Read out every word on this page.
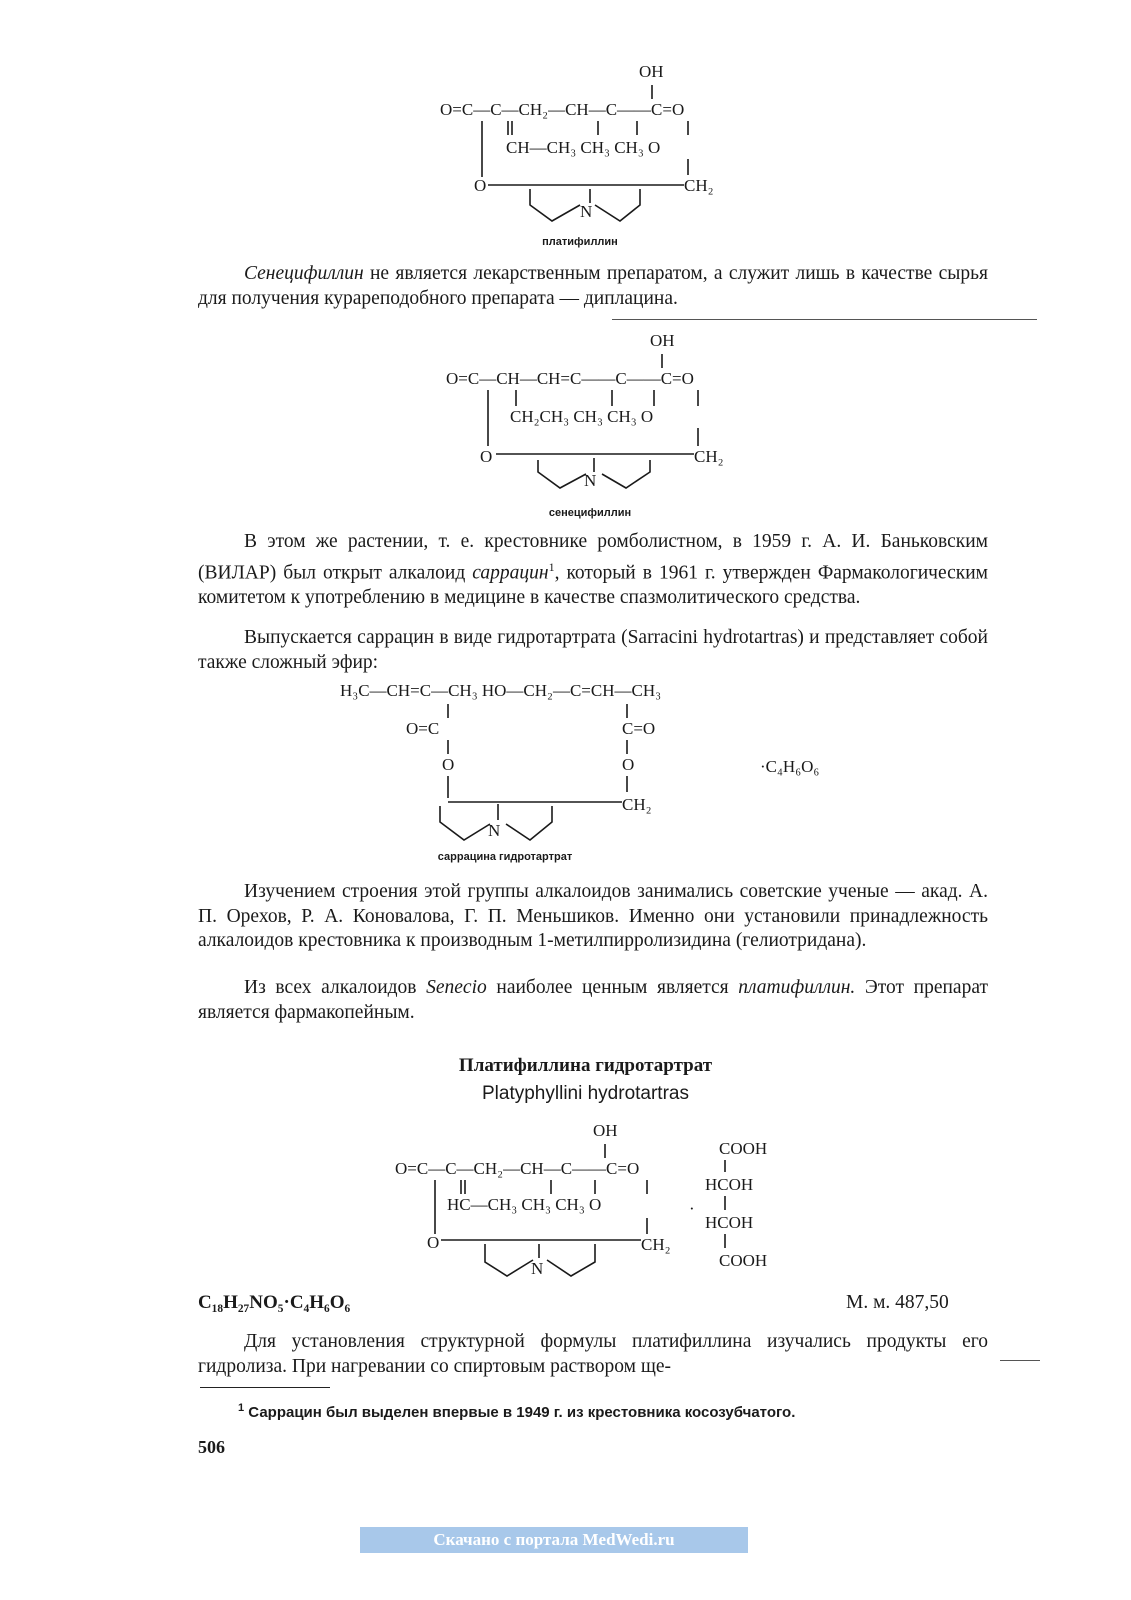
OH
O=C—C—CH₂—CH—C——C=O
CH—CH₃ CH₃ CH₃ O
O	CH₂
N
платифиллин

Сенецифиллин не является лекарственным препаратом, а служит лишь в качестве сырья для получения курареподобного препарата — диплацина.

OH
O=C—CH—CH=C——C——C=O
CH₂CH₃ CH₃ CH₃ O
O	CH₂
N
сенецифиллин

В этом же растении, т. е. крестовнике ромболистном, в 1959 г. А. И. Баньковским (ВИЛАР) был открыт алкалоид саррацин$^1$, который в 1961 г. утвержден Фармакологическим комитетом к употреблению в медицине в качестве спазмолитического средства.

Выпускается саррацин в виде гидротартрата (Sarracini hydrotartras) и представляет собой также сложный эфир:

H₃C—CH=C—CH₃ HO—CH₂—C=CH—CH₃
O=C	C=O
O	O
CH₂
N
·C₄H₆O₆
саррацина гидротартрат

Изучением строения этой группы алкалоидов занимались советские ученые — акад. А. П. Орехов, Р. А. Коновалова, Г. П. Меньшиков. Именно они установили принадлежность алкалоидов крестовника к производным 1-метилпирролизидина (гелиотридана).

Из всех алкалоидов Senecio наиболее ценным является платифиллин. Этот препарат является фармакопейным.

Платифиллина гидротартрат
Platyphyllini hydrotartras
OH
O=C—C—CH₂—CH—C——C=O
HC—CH₃ CH₃ CH₃ O
O	CH₂
N
·
COOH
HCOH
HCOH
COOH
C₁₈H₂₇NO₅·C₄H₆O₆	М. м. 487,50

Для установления структурной формулы платифиллина изучались продукты его гидролиза. При нагревании со спиртовым раствором ще-

$^1$ Саррацин был выделен впервые в 1949 г. из крестовника косозубчатого.
506
Скачано с портала MedWedi.ru
